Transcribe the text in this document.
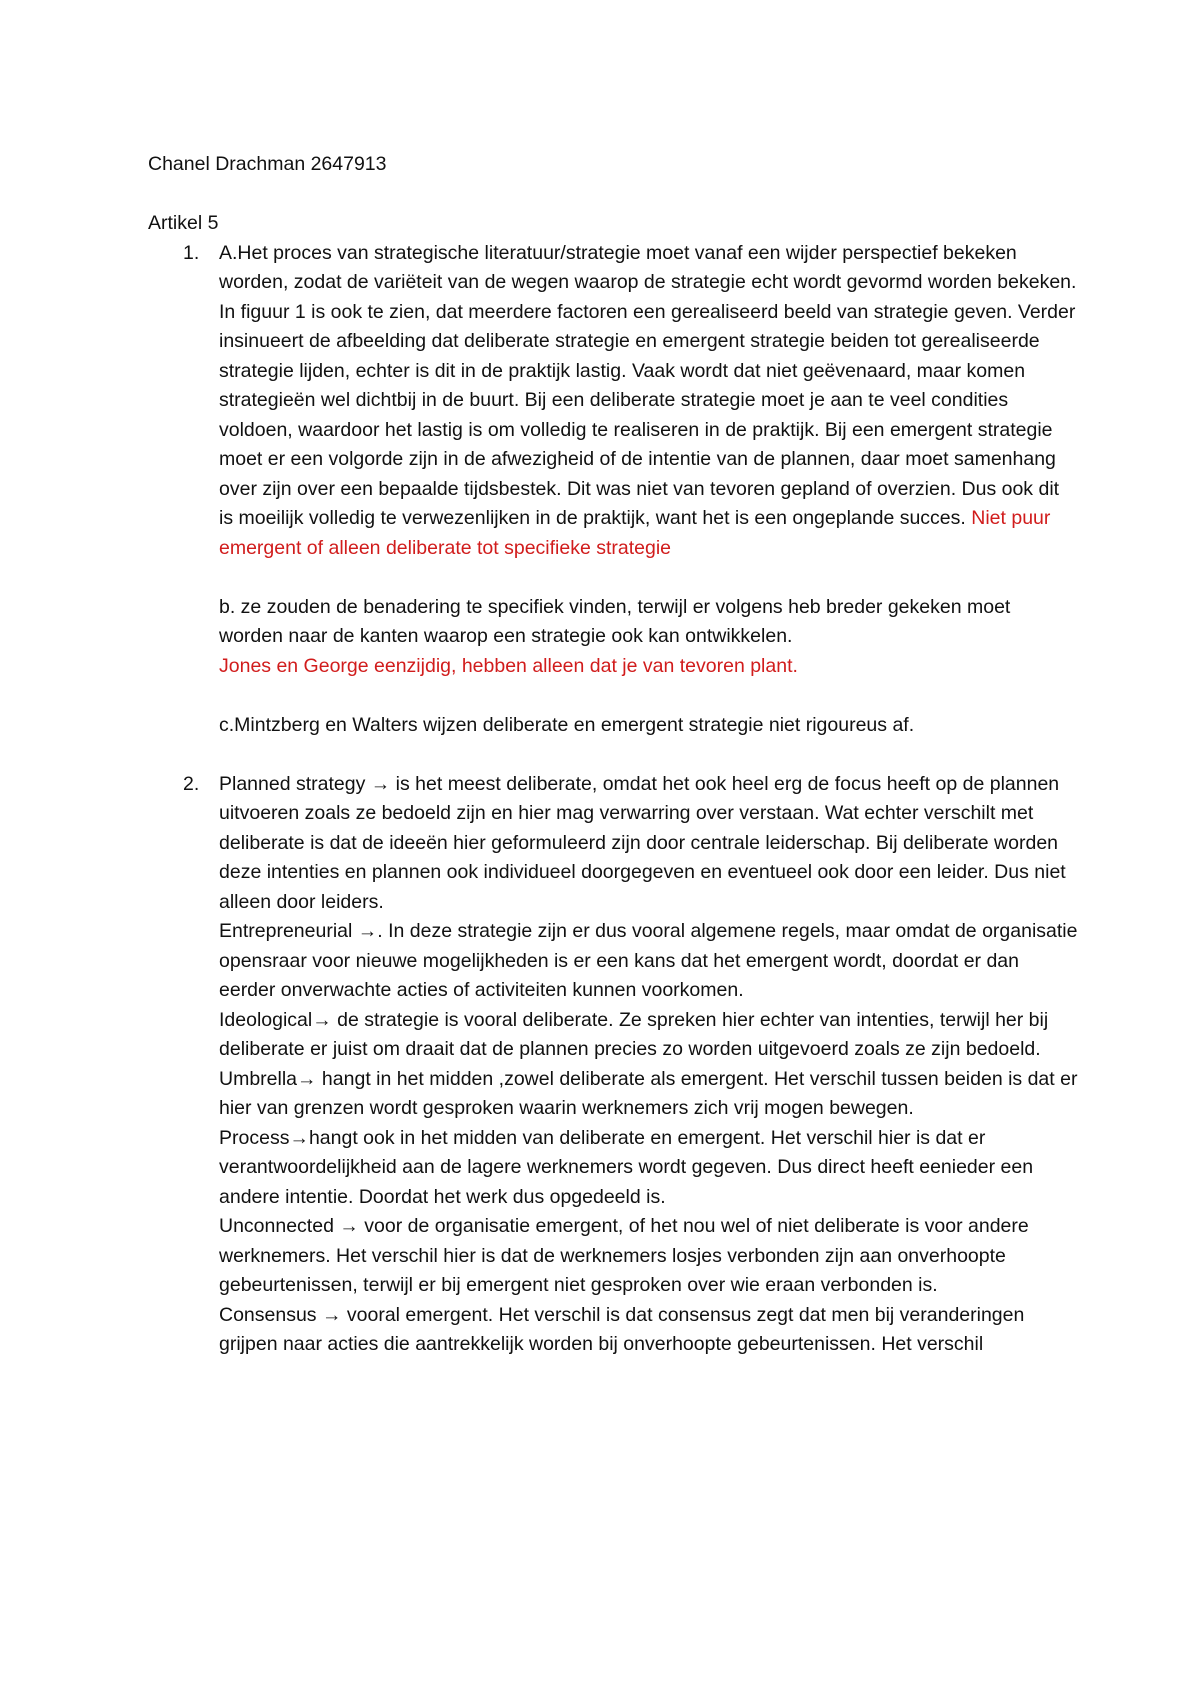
Chanel Drachman 2647913

Artikel 5

1. A.Het proces van strategische literatuur/strategie moet vanaf een wijder perspectief bekeken worden, zodat de variëteit van de wegen waarop de strategie echt wordt gevormd worden bekeken.

In figuur 1 is ook te zien, dat meerdere factoren een gerealiseerd beeld van strategie geven. Verder insinueert de afbeelding dat deliberate strategie en emergent strategie beiden tot gerealiseerde strategie lijden, echter is dit in de praktijk lastig. Vaak wordt dat niet geëvenaard, maar komen strategieën wel dichtbij in de buurt. Bij een deliberate strategie moet je aan te veel condities voldoen, waardoor het lastig is om volledig te realiseren in de praktijk. Bij een emergent strategie moet er een volgorde zijn in de afwezigheid of de intentie van de plannen, daar moet samenhang over zijn over een bepaalde tijdsbestek. Dit was niet van tevoren gepland of overzien. Dus ook dit is moeilijk volledig te verwezenlijken in de praktijk, want het is een ongeplande succes. Niet puur emergent of alleen deliberate tot specifieke strategie

b. ze zouden de benadering te specifiek vinden, terwijl er volgens heb breder gekeken moet worden naar de kanten waarop een strategie ook kan ontwikkelen.

Jones en George eenzijdig, hebben alleen dat je van tevoren plant.

c.Mintzberg en Walters wijzen deliberate en emergent strategie niet rigoureus af.

2. Planned strategy → is het meest deliberate, omdat het ook heel erg de focus heeft op de plannen uitvoeren zoals ze bedoeld zijn en hier mag verwarring over verstaan. Wat echter verschilt met deliberate is dat de ideeën hier geformuleerd zijn door centrale leiderschap. Bij deliberate worden deze intenties en plannen ook individueel doorgegeven en eventueel ook door een leider. Dus niet alleen door leiders.

Entrepreneurial →. In deze strategie zijn er dus vooral algemene regels, maar omdat de organisatie opensraar voor nieuwe mogelijkheden is er een kans dat het emergent wordt, doordat er dan eerder onverwachte acties of activiteiten kunnen voorkomen.

Ideological→ de strategie is vooral deliberate. Ze spreken hier echter van intenties, terwijl her bij deliberate er juist om draait dat de plannen precies zo worden uitgevoerd zoals ze zijn bedoeld.

Umbrella→ hangt in het midden ,zowel deliberate als emergent. Het verschil tussen beiden is dat er hier van grenzen wordt gesproken waarin werknemers zich vrij mogen bewegen.

Process→hangt ook in het midden van deliberate en emergent. Het verschil hier is dat er verantwoordelijkheid aan de lagere werknemers wordt gegeven. Dus direct heeft eenieder een andere intentie. Doordat het werk dus opgedeeld is.

Unconnected → voor de organisatie emergent, of het nou wel of niet deliberate is voor andere werknemers. Het verschil hier is dat de werknemers losjes verbonden zijn aan onverhoopte gebeurtenissen, terwijl er bij emergent niet gesproken over wie eraan verbonden is.

Consensus → vooral emergent. Het verschil is dat consensus zegt dat men bij veranderingen grijpen naar acties die aantrekkelijk worden bij onverhoopte gebeurtenissen. Het verschil
